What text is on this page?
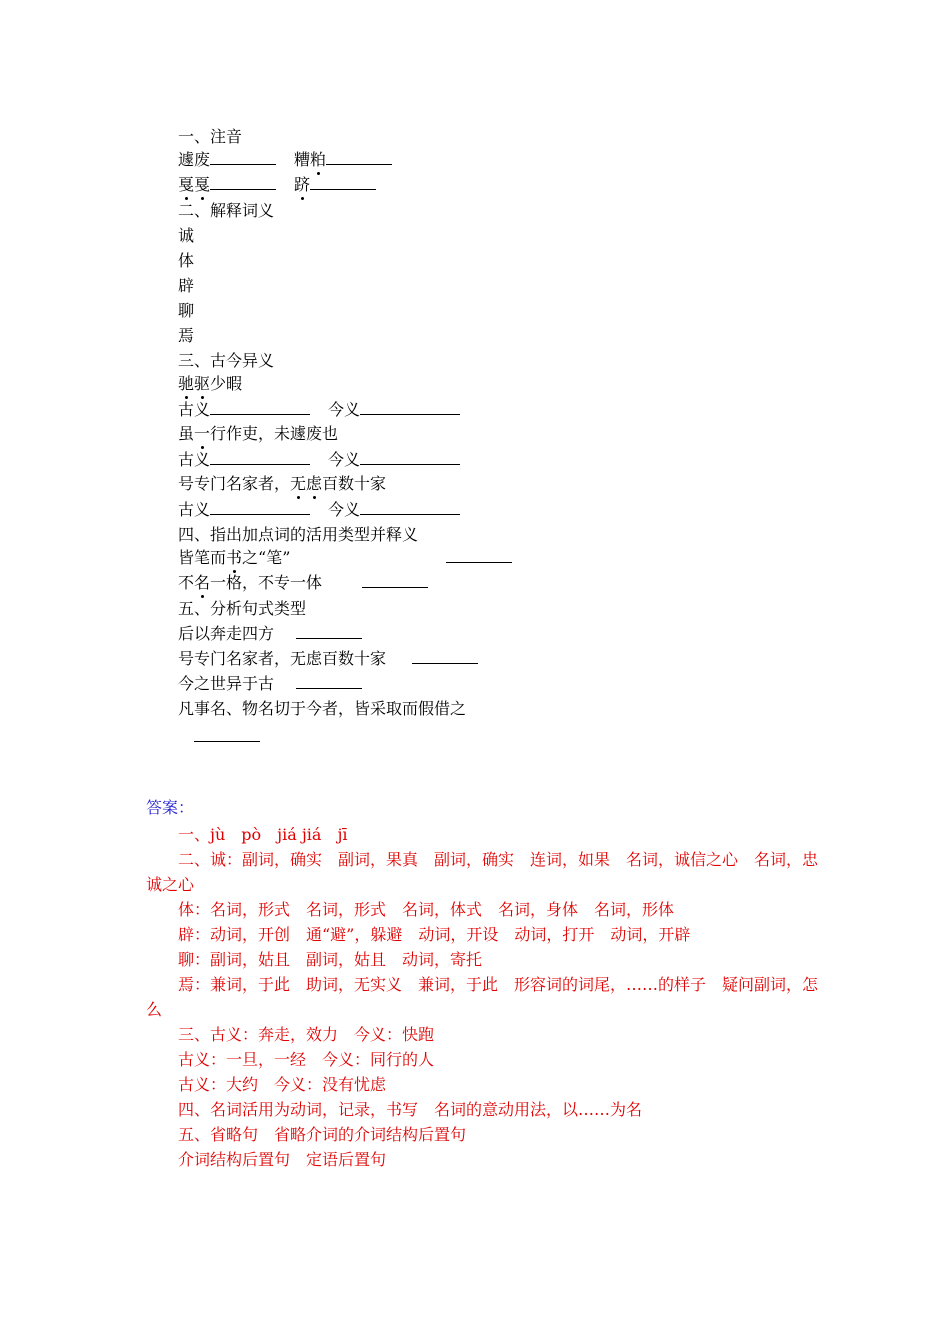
一、注音
遽废	糟粕
戛戛	跻
二、解释词义
诚
体
辟
聊
焉
三、古今异义
驰驱少暇
古义	今义
虽一行作吏，未遽废也
古义	今义
号专门名家者，无虑百数十家
古义	今义
四、指出加点词的活用类型并释义
皆笔而书之“笔”
不名一格，不专一体
五、分析句式类型
后以奔走四方
号专门名家者，无虑百数十家
今之世异于古
凡事名、物名切于今者，皆采取而假借之
答案：
一、jù　pò　jiá jiá　jī
二、诚：副词，确实　副词，果真　副词，确实　连词，如果　名词，诚信之心　名词，忠
诚之心
体：名词，形式　名词，形式　名词，体式　名词，身体　名词，形体
辟：动词，开创　通“避”，躲避　动词，开设　动词，打开　动词，开辟
聊：副词，姑且　副词，姑且　动词，寄托
焉：兼词，于此　助词，无实义　兼词，于此　形容词的词尾，……的样子　疑问副词，怎
么
三、古义：奔走，效力　今义：快跑
古义：一旦，一经　今义：同行的人
古义：大约　今义：没有忧虑
四、名词活用为动词，记录，书写　名词的意动用法，以……为名
五、省略句　省略介词的介词结构后置句
介词结构后置句　定语后置句
